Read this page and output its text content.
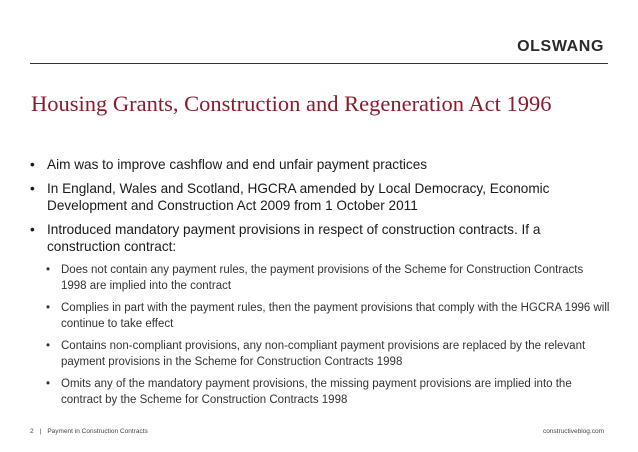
OLSWANG
Housing Grants, Construction and Regeneration Act 1996
• Aim was to improve cashflow and end unfair payment practices
• In England, Wales and Scotland, HGCRA amended by Local Democracy, Economic Development and Construction Act 2009 from 1 October 2011
• Introduced mandatory payment provisions in respect of construction contracts. If a construction contract:
• Does not contain any payment rules, the payment provisions of the Scheme for Construction Contracts 1998 are implied into the contract
• Complies in part with the payment rules, then the payment provisions that comply with the HGCRA 1996 will continue to take effect
• Contains non-compliant provisions, any non-compliant payment provisions are replaced by the relevant payment provisions in the Scheme for Construction Contracts 1998
• Omits any of the mandatory payment provisions, the missing payment provisions are implied into the contract by the Scheme for Construction Contracts 1998
2 | Payment in Construction Contracts	constructiveblog.com
